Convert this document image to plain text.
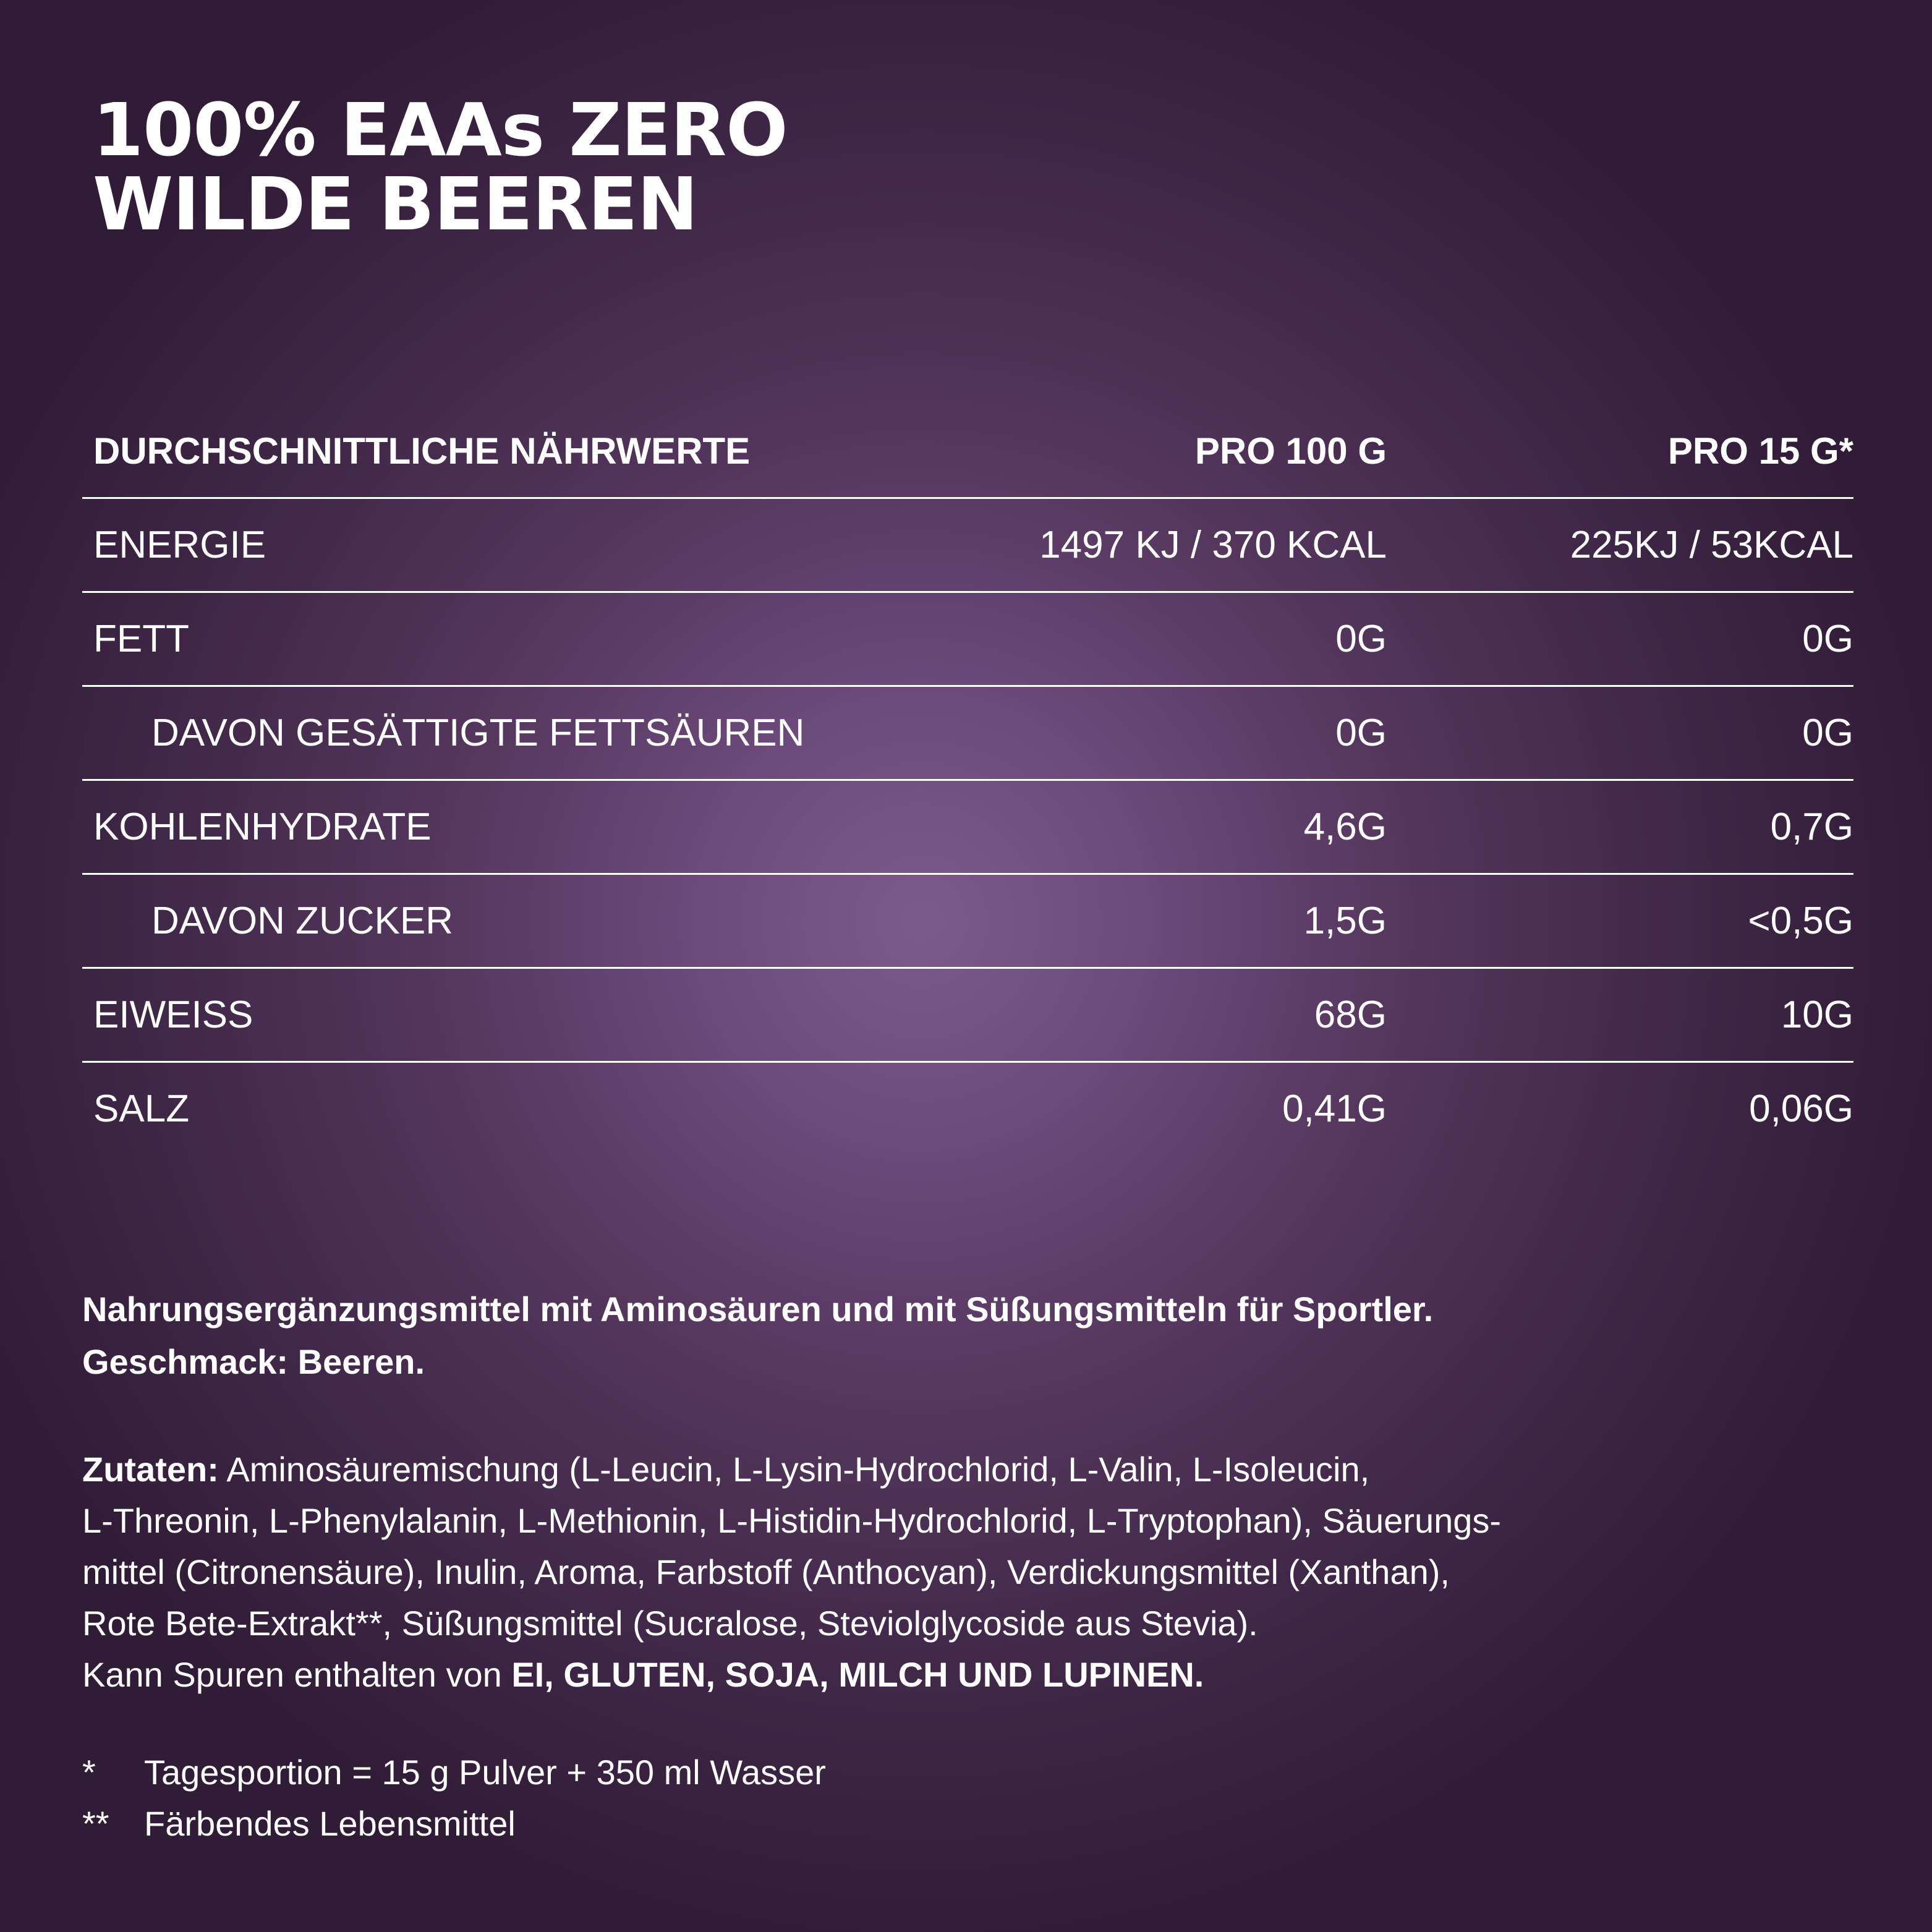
100% EAAs ZERO
WILDE BEEREN
DURCHSCHNITTLICHE NÄHRWERTE	PRO 100 G	PRO 15 G*
ENERGIE	1497 KJ / 370 KCAL	225KJ / 53KCAL
FETT	0G	0G
DAVON GESÄTTIGTE FETTSÄUREN	0G	0G
KOHLENHYDRATE	4,6G	0,7G
DAVON ZUCKER	1,5G	<0,5G
EIWEISS	68G	10G
SALZ	0,41G	0,06G
Nahrungsergänzungsmittel mit Aminosäuren und mit Süßungsmitteln für Sportler.
Geschmack: Beeren.
Zutaten: Aminosäuremischung (L-Leucin, L-Lysin-Hydrochlorid, L-Valin, L-Isoleucin,
L-Threonin, L-Phenylalanin, L-Methionin, L-Histidin-Hydrochlorid, L-Tryptophan), Säuerungs-
mittel (Citronensäure), Inulin, Aroma, Farbstoff (Anthocyan), Verdickungsmittel (Xanthan),
Rote Bete-Extrakt**, Süßungsmittel (Sucralose, Steviolglycoside aus Stevia).
Kann Spuren enthalten von EI, GLUTEN, SOJA, MILCH UND LUPINEN.
*	Tagesportion = 15 g Pulver + 350 ml Wasser
**	Färbendes Lebensmittel
